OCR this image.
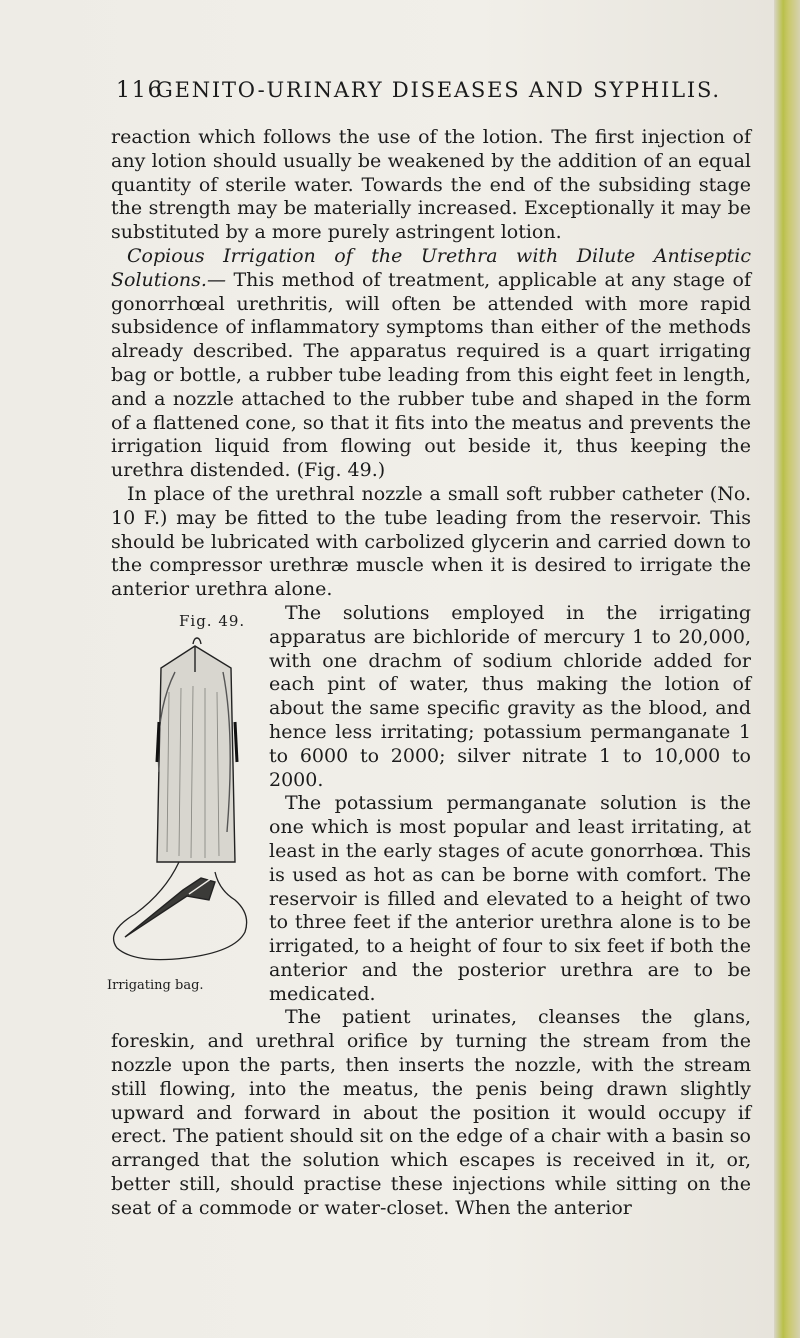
116
GENITO-URINARY DISEASES AND SYPHILIS.

reaction which follows the use of the lotion. The first injection of any lotion should usually be weakened by the addition of an equal quantity of sterile water. Towards the end of the subsiding stage the strength may be materially increased. Exceptionally it may be substituted by a more purely astringent lotion.

Copious Irrigation of the Urethra with Dilute Antiseptic Solutions.— This method of treatment, applicable at any stage of gonorrhœal urethritis, will often be attended with more rapid subsidence of inflammatory symptoms than either of the methods already described. The apparatus required is a quart irrigating bag or bottle, a rubber tube leading from this eight feet in length, and a nozzle attached to the rubber tube and shaped in the form of a flattened cone, so that it fits into the meatus and prevents the irrigation liquid from flowing out beside it, thus keeping the urethra distended. (Fig. 49.)

In place of the urethral nozzle a small soft rubber catheter (No. 10 F.) may be fitted to the tube leading from the reservoir. This should be lubricated with carbolized glycerin and carried down to the compressor urethræ muscle when it is desired to irrigate the anterior urethra alone.

Fig. 49.
Irrigating bag.

The solutions employed in the irrigating apparatus are bichloride of mercury 1 to 20,000, with one drachm of sodium chloride added for each pint of water, thus making the lotion of about the same specific gravity as the blood, and hence less irritating; potassium permanganate 1 to 6000 to 2000; silver nitrate 1 to 10,000 to 2000.

The potassium permanganate solution is the one which is most popular and least irritating, at least in the early stages of acute gonorrhœa. This is used as hot as can be borne with comfort. The reservoir is filled and elevated to a height of two to three feet if the anterior urethra alone is to be irrigated, to a height of four to six feet if both the anterior and the posterior urethra are to be medicated.

The patient urinates, cleanses the glans, foreskin, and urethral orifice by turning the stream from the nozzle upon the parts, then inserts the nozzle, with the stream still flowing, into the meatus, the penis being drawn slightly upward and forward in about the position it would occupy if erect. The patient should sit on the edge of a chair with a basin so arranged that the solution which escapes is received in it, or, better still, should practise these injections while sitting on the seat of a commode or water-closet. When the anterior
